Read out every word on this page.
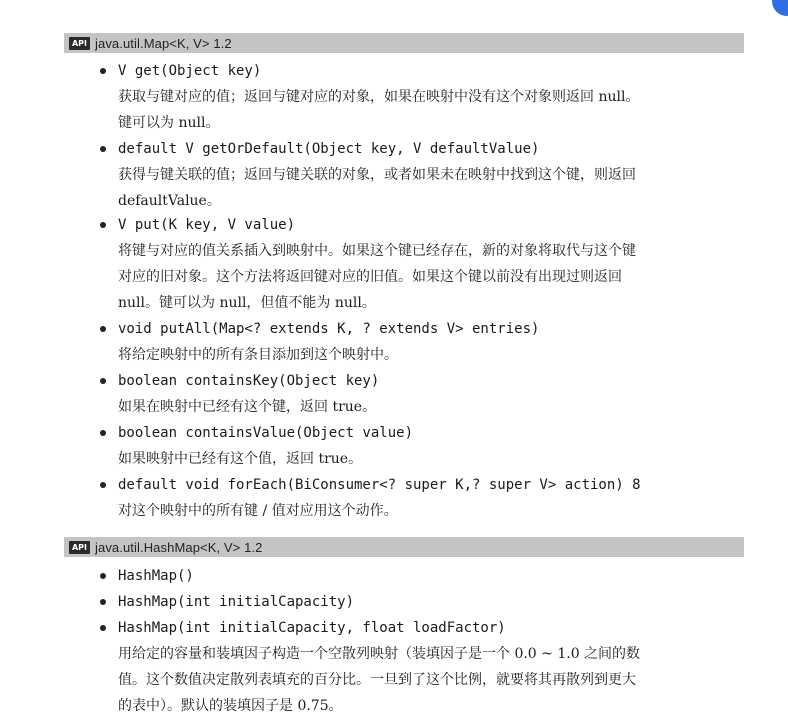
API java.util.Map<K, V> 1.2
V get(Object key)
获取与键对应的值；返回与键对应的对象，如果在映射中没有这个对象则返回 null。
键可以为 null。
default V getOrDefault(Object key, V defaultValue)
获得与键关联的值；返回与键关联的对象，或者如果未在映射中找到这个键，则返回
defaultValue。
V put(K key, V value)
将键与对应的值关系插入到映射中。如果这个键已经存在，新的对象将取代与这个键
对应的旧对象。这个方法将返回键对应的旧值。如果这个键以前没有出现过则返回
null。键可以为 null，但值不能为 null。
void putAll(Map<? extends K, ? extends V> entries)
将给定映射中的所有条目添加到这个映射中。
boolean containsKey(Object key)
如果在映射中已经有这个键，返回 true。
boolean containsValue(Object value)
如果映射中已经有这个值，返回 true。
default void forEach(BiConsumer<? super K,? super V> action) 8
对这个映射中的所有键 / 值对应用这个动作。
API java.util.HashMap<K, V> 1.2
HashMap()
HashMap(int initialCapacity)
HashMap(int initialCapacity, float loadFactor)
用给定的容量和装填因子构造一个空散列映射（装填因子是一个 0.0 ~ 1.0 之间的数
值。这个数值决定散列表填充的百分比。一旦到了这个比例，就要将其再散列到更大
的表中）。默认的装填因子是 0.75。
